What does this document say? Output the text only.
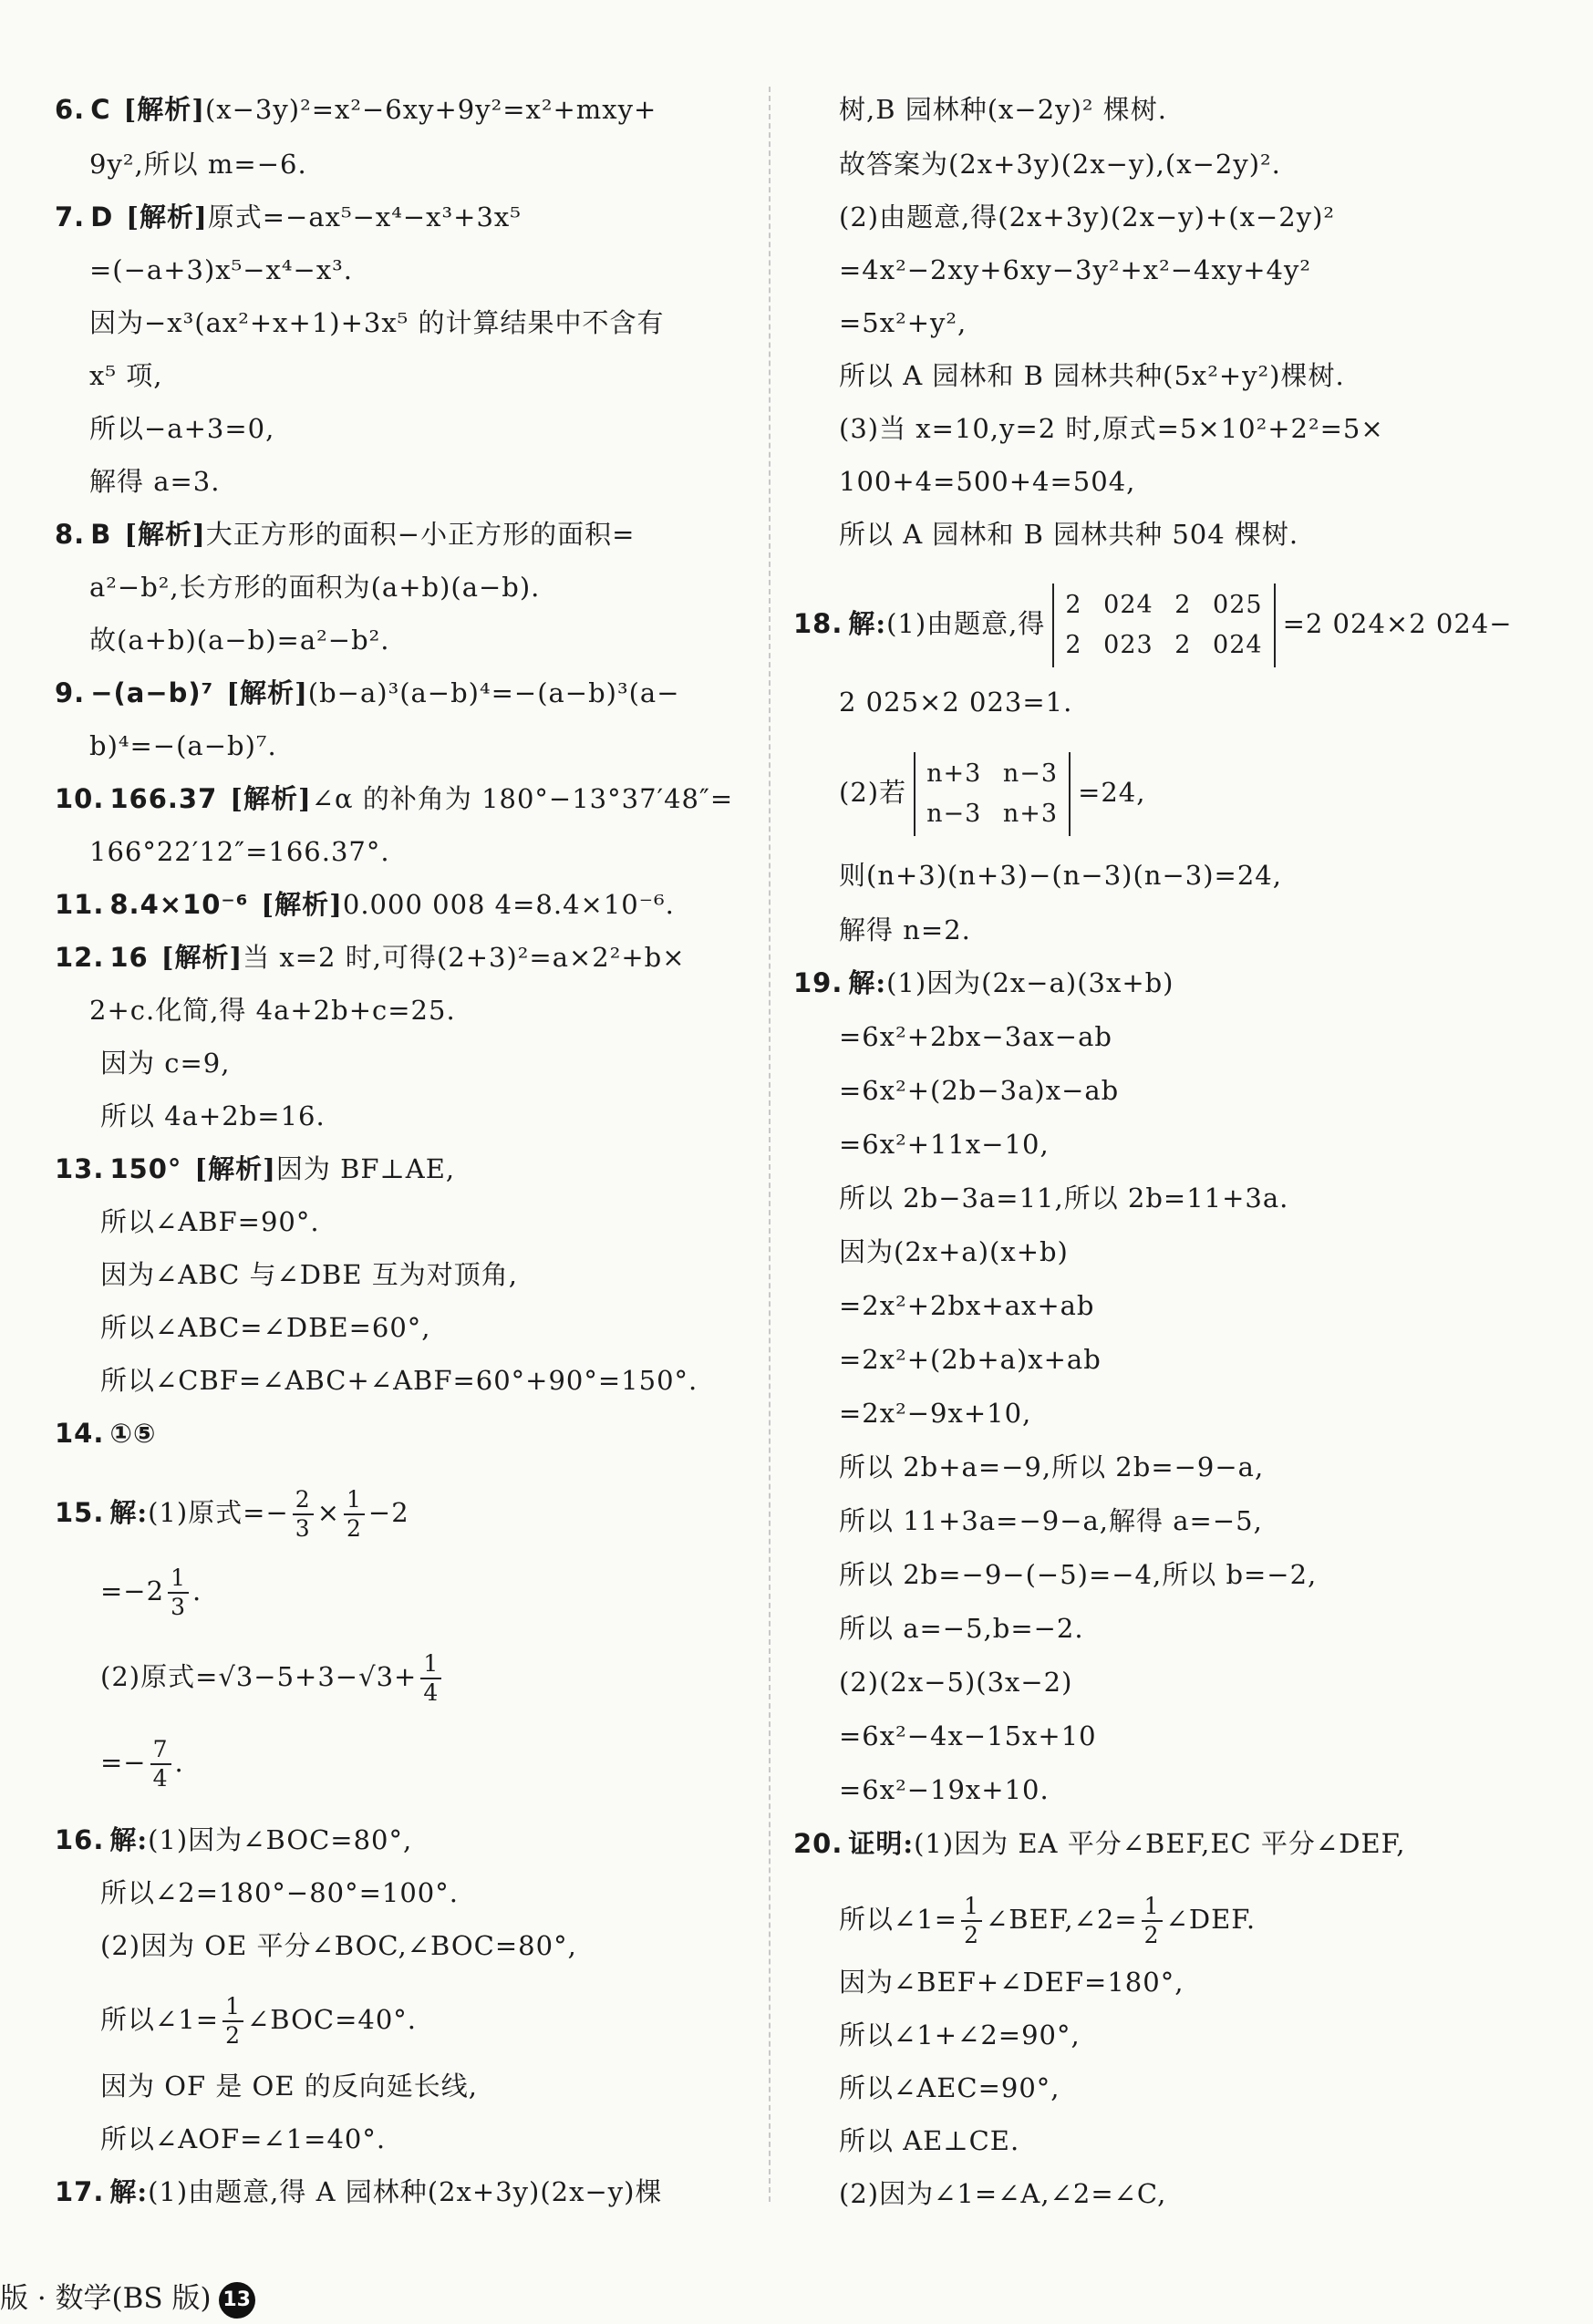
6. C [解析](x−3y)²=x²−6xy+9y²=x²+mxy+
9y²,所以 m=−6.
7. D [解析]原式=−ax⁵−x⁴−x³+3x⁵
=(−a+3)x⁵−x⁴−x³.
因为−x³(ax²+x+1)+3x⁵ 的计算结果中不含有
x⁵ 项,
所以−a+3=0,
解得 a=3.
8. B [解析]大正方形的面积−小正方形的面积=
a²−b²,长方形的面积为(a+b)(a−b).
故(a+b)(a−b)=a²−b².
9. −(a−b)⁷ [解析](b−a)³(a−b)⁴=−(a−b)³(a−
b)⁴=−(a−b)⁷.
10. 166.37 [解析]∠α 的补角为 180°−13°37′48″=
166°22′12″=166.37°.
11. 8.4×10⁻⁶ [解析]0.000 008 4=8.4×10⁻⁶.
12. 16 [解析]当 x=2 时,可得(2+3)²=a×2²+b×
2+c.化简,得 4a+2b+c=25.
因为 c=9,
所以 4a+2b=16.
13. 150° [解析]因为 BF⊥AE,
所以∠ABF=90°.
因为∠ABC 与∠DBE 互为对顶角,
所以∠ABC=∠DBE=60°,
所以∠CBF=∠ABC+∠ABF=60°+90°=150°.
14. ①⑤
15. 解:(1)原式=− $\frac{2}{3} \times \frac{1}{2} -2$
$=-2 \frac{1}{3}$ .
(2)原式$=√3-5+3-√3+ \frac{1}{4}$
=− $\frac{7}{4}$ .
16. 解:(1)因为∠BOC=80°,
所以∠2=180°−80°=100°.
(2)因为 OE 平分∠BOC,∠BOC=80°,
所以∠1= $\frac{1}{2}$ ∠BOC=40°.
因为 OF 是 OE 的反向延长线,
所以∠AOF=∠1=40°.
17. 解:(1)由题意,得 A 园林种(2x+3y)(2x−y)棵
树,B 园林种(x−2y)² 棵树.
故答案为(2x+3y)(2x−y),(x−2y)².
(2)由题意,得(2x+3y)(2x−y)+(x−2y)²
=4x²−2xy+6xy−3y²+x²−4xy+4y²
=5x²+y²,
所以 A 园林和 B 园林共种(5x²+y²)棵树.
(3)当 x=10,y=2 时,原式=5×10²+2²=5×
100+4=500+4=504,
所以 A 园林和 B 园林共种 504 棵树.
18. 解:(1)由题意,得
2 024 2 025
2 023 2 024
=2 024×2 024−
2 025×2 023=1.
(2)若
n+3 n−3
n−3 n+3
=24,
则(n+3)(n+3)−(n−3)(n−3)=24,
解得 n=2.
19. 解:(1)因为(2x−a)(3x+b)
=6x²+2bx−3ax−ab
=6x²+(2b−3a)x−ab
=6x²+11x−10,
所以 2b−3a=11,所以 2b=11+3a.
因为(2x+a)(x+b)
=2x²+2bx+ax+ab
=2x²+(2b+a)x+ab
=2x²−9x+10,
所以 2b+a=−9,所以 2b=−9−a,
所以 11+3a=−9−a,解得 a=−5,
所以 2b=−9−(−5)=−4,所以 b=−2,
所以 a=−5,b=−2.
(2)(2x−5)(3x−2)
=6x²−4x−15x+10
=6x²−19x+10.
20. 证明:(1)因为 EA 平分∠BEF,EC 平分∠DEF,
所以∠1= $\frac{1}{2}$ ∠BEF,∠2= $\frac{1}{2}$ ∠DEF.
因为∠BEF+∠DEF=180°,
所以∠1+∠2=90°,
所以∠AEC=90°,
所以 AE⊥CE.
(2)因为∠1=∠A,∠2=∠C,
版 · 数学(BS 版) 13
